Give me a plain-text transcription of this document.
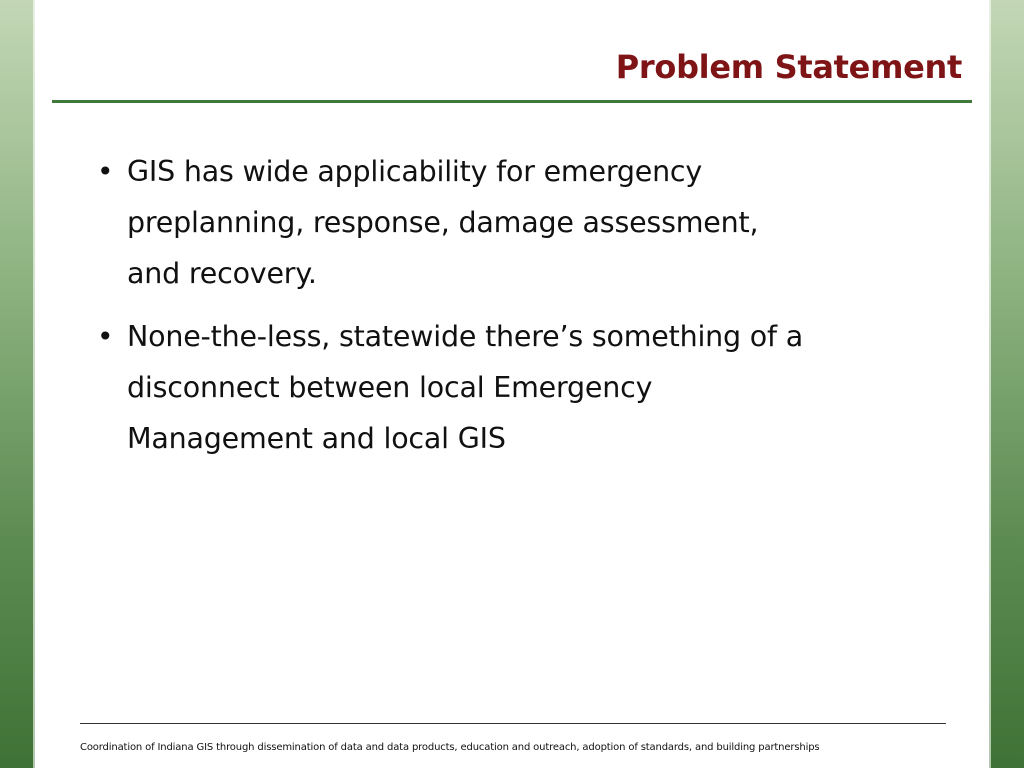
Problem Statement
• GIS has wide applicability for emergency
preplanning, response, damage assessment,
and recovery.
• None-the-less, statewide there’s something of a
disconnect between local Emergency
Management and local GIS

Coordination of Indiana GIS through dissemination of data and data products, education and outreach, adoption of standards, and building partnerships
